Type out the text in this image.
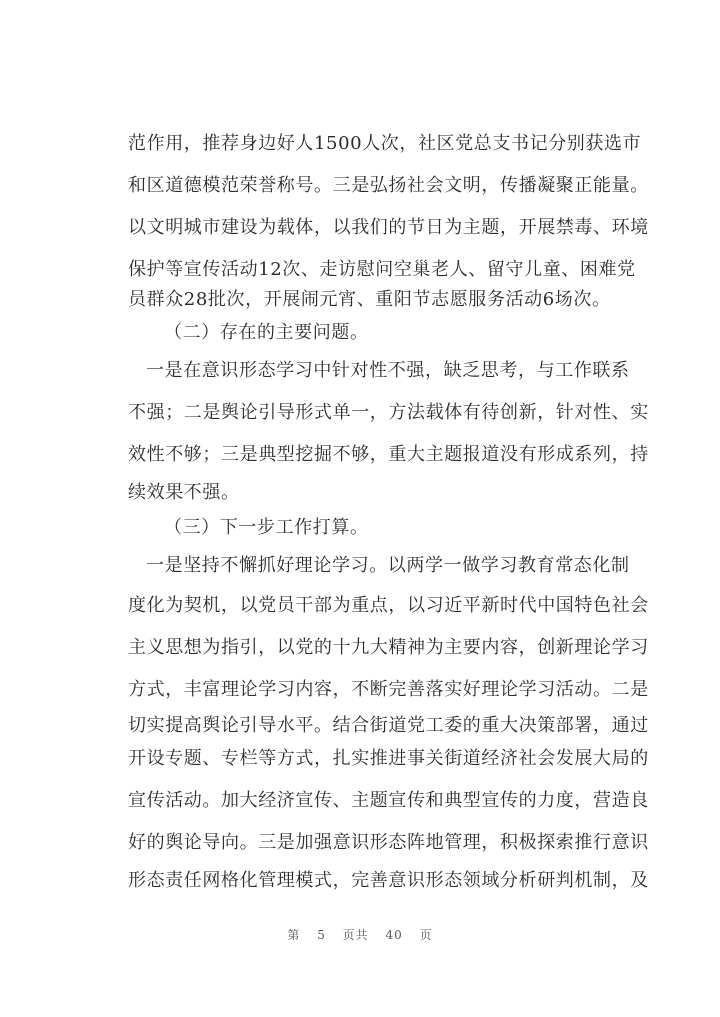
范作用，推荐身边好人1500人次，社区党总支书记分别获选市
和区道德模范荣誉称号。三是弘扬社会文明，传播凝聚正能量。
以文明城市建设为载体，以我们的节日为主题，开展禁毒、环境
保护等宣传活动12次、走访慰问空巢老人、留守儿童、困难党
员群众28批次，开展闹元宵、重阳节志愿服务活动6场次。
（二）存在的主要问题。
一是在意识形态学习中针对性不强，缺乏思考，与工作联系
不强；二是舆论引导形式单一，方法载体有待创新，针对性、实
效性不够；三是典型挖掘不够，重大主题报道没有形成系列，持
续效果不强。
（三）下一步工作打算。
一是坚持不懈抓好理论学习。以两学一做学习教育常态化制
度化为契机，以党员干部为重点，以习近平新时代中国特色社会
主义思想为指引，以党的十九大精神为主要内容，创新理论学习
方式，丰富理论学习内容，不断完善落实好理论学习活动。二是
切实提高舆论引导水平。结合街道党工委的重大决策部署，通过
开设专题、专栏等方式，扎实推进事关街道经济社会发展大局的
宣传活动。加大经济宣传、主题宣传和典型宣传的力度，营造良
好的舆论导向。三是加强意识形态阵地管理，积极探索推行意识
形态责任网格化管理模式，完善意识形态领域分析研判机制，及
第 5 页共 40 页
